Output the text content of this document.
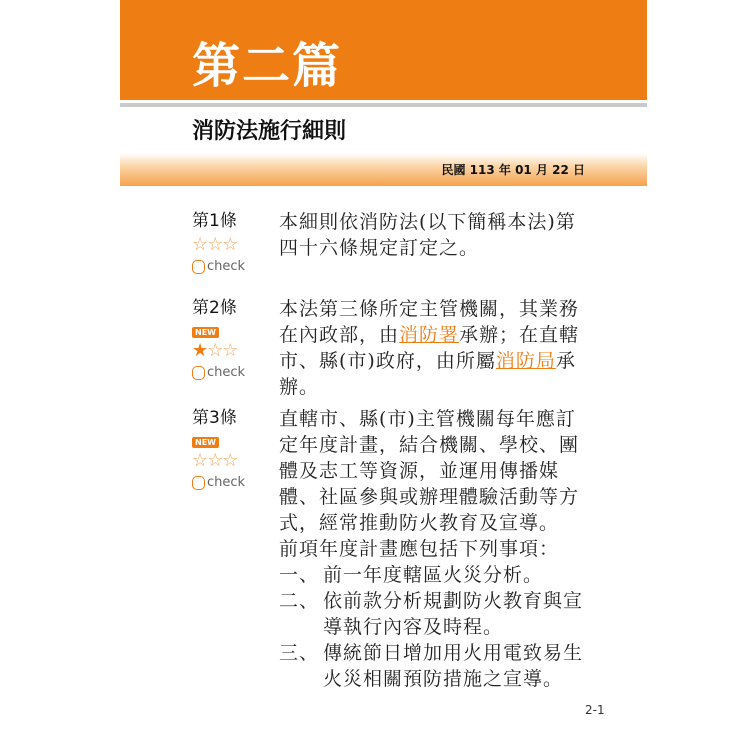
第二篇
消防法施行細則
民國 113 年 01 月 22 日
第1條
☆☆☆
check

本細則依消防法(以下簡稱本法)第四十六條規定訂定之。

第2條
NEW
★☆☆
check

本法第三條所定主管機關，其業務在內政部，由消防署承辦；在直轄市、縣(市)政府，由所屬消防局承辦。

第3條
NEW
☆☆☆
check

直轄市、縣(市)主管機關每年應訂定年度計畫，結合機關、學校、團體及志工等資源，並運用傳播媒體、社區參與或辦理體驗活動等方式，經常推動防火教育及宣導。

前項年度計畫應包括下列事項：

一、 前一年度轄區火災分析。
二、 依前款分析規劃防火教育與宣導執行內容及時程。
三、 傳統節日增加用火用電致易生火災相關預防措施之宣導。
2-1
